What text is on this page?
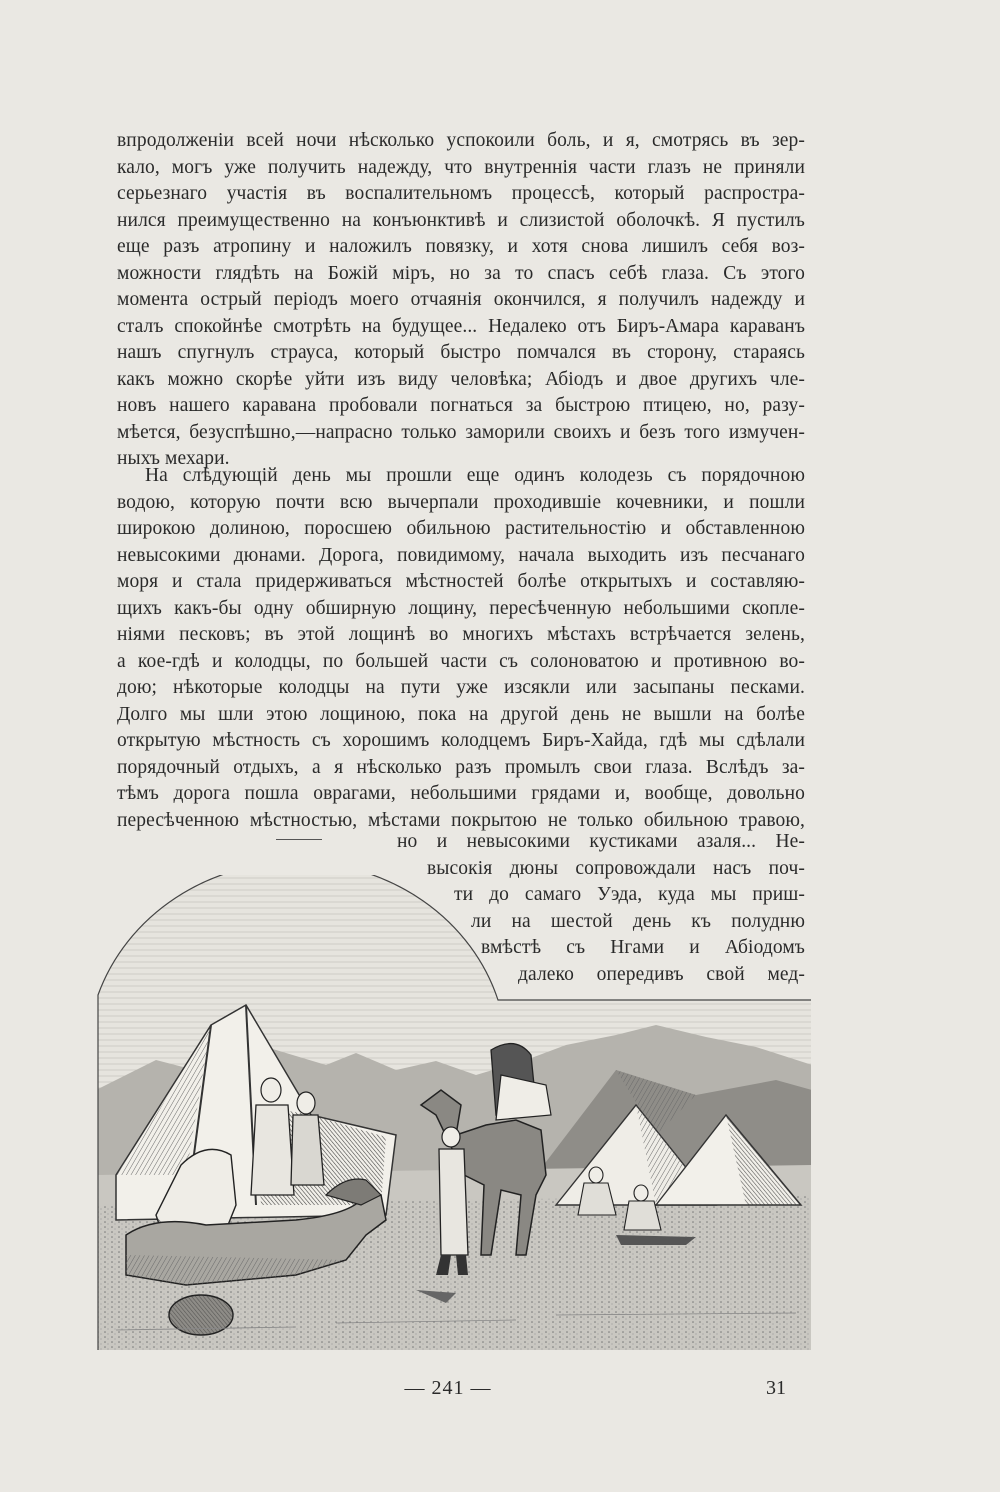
впродолженіи всей ночи нѣсколько успокоили боль, и я, смотрясь въ зер-
кало, могъ уже получить надежду, что внутреннія части глазъ не приняли
серьезнаго участія въ воспалительномъ процессѣ, который распростра-
нился преимущественно на конъюнктивѣ и слизистой оболочкѣ. Я пустилъ
еще разъ атропину и наложилъ повязку, и хотя снова лишилъ себя воз-
можности глядѣть на Божій міръ, но за то спасъ себѣ глаза. Съ этого
момента острый періодъ моего отчаянія окончился, я получилъ надежду и
сталъ спокойнѣе смотрѣть на будущее... Недалеко отъ Биръ-Амара караванъ
нашъ спугнулъ страуса, который быстро помчался въ сторону, стараясь
какъ можно скорѣе уйти изъ виду человѣка; Абіодъ и двое другихъ чле-
новъ нашего каравана пробовали погнаться за быстрою птицею, но, разу-
мѣется, безуспѣшно,—напрасно только заморили своихъ и безъ того измучен-
ныхъ мехари.
На слѣдующій день мы прошли еще одинъ колодезь съ порядочною
водою, которую почти всю вычерпали проходившіе кочевники, и пошли
широкою долиною, поросшею обильною растительностію и обставленною
невысокими дюнами. Дорога, повидимому, начала выходить изъ песчанаго
моря и стала придерживаться мѣстностей болѣе открытыхъ и составляю-
щихъ какъ-бы одну обширную лощину, пересѣченную небольшими скопле-
ніями песковъ; въ этой лощинѣ во многихъ мѣстахъ встрѣчается зелень,
а кое-гдѣ и колодцы, по большей части съ солоноватою и противною во-
дою; нѣкоторые колодцы на пути уже изсякли или засыпаны песками.
Долго мы шли этою лощиною, пока на другой день не вышли на болѣе
открытую мѣстность съ хорошимъ колодцемъ Биръ-Хайда, гдѣ мы сдѣлали
порядочный отдыхъ, а я нѣсколько разъ промылъ свои глаза. Вслѣдъ за-
тѣмъ дорога пошла оврагами, небольшими грядами и, вообще, довольно
пересѣченною мѣстностью, мѣстами покрытою не только обильною травою,
но и невысокими кустиками азаля... Не-
высокія дюны сопровождали насъ поч-
ти до самаго Уэда, куда мы приш-
ли на шестой день къ полудню
вмѣстѣ съ Нгами и Абіодомъ
далеко опередивъ свой мед-
— 241 —	31
